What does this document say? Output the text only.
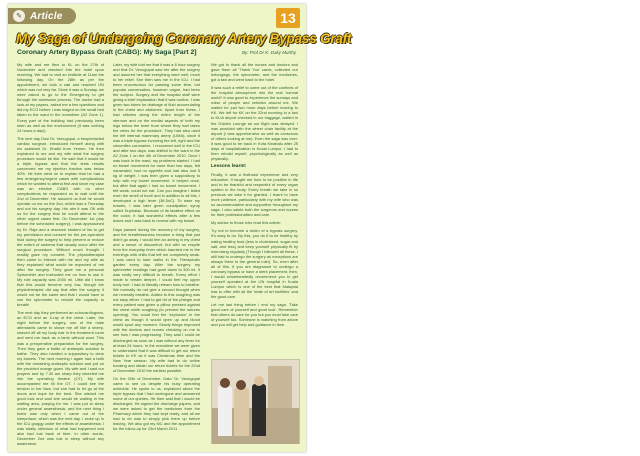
✎ Article	13
My Saga of Undergoing Coronary Artery Bypass Graft
Coronary Artery Bypass Graft (CABG): My Saga [Part 2]	By: Prof Dr K. Daky Murthy

My wife and me flew to KL on the 27th of November and checked into the hotel upon reaching. We had to visit an Institute at 11am the following day. On the 28th as per the appointment, we took a cab and reached IJN which was not very far. Since it was a Sunday, we were asked to go to the Emergency to get through the admission process. The doctor had a look at my papers, asked me a few questions and did my ECG before I was lodged on the small bed taken to the ward in the meantime (A2 Zone 1). Every part of the building had previously been seen as well as the environment (it was nothing 24 hours a day!).

The next day Dosi Dr. Venugopal, a bespectacled cardiac surgeon, introduced himself along with his assistant Dr. Khalid from Yemen. He then explained to me and my wife what the surgery procedure would be like. He said that it would be a triple bypass and that the tests results concerned me my ejection fraction was below 40%. He then went on to explain that he had a few emergency/urgent cases with complications which he wanted to attend first and since my case was an elective CABG with no other complications he requested us to wait until the 2nd of December. He assured us that he would operate on me on the 2nd, which was a Thursday and not his surgery day. His aim it was OK with us for the surgery that he could attend to the other urgent cases first. On December 1st (day before the scheduled surgery), I was approached by Dr. Raja and a research student of his to get my permission and consent for the pre-operative fluid during the surgery to help prevent or reduce the extent of oedema that usually occur after the surgical procedure. Without much thought I readily gave my consent. The physiotherapist then came to interact with me and my wife as they explained what would be expected of me after the surgery. They gave me a personal Spirometer and instructed me on how to use it. My role capacity was 2000 ml. Little did I know that this would become very low, though the physiotherapist did say that after the surgery it would not be the same and that I would have to use the spirometer to rebuild the capacity to breath!

The next day they performed an echocardiogram, an ECG and an X-ray of the chest. Later, the night before the surgery, one of the male attendants came to shave me off like a sheep, shaved off all my body hair in the treatment room and sent me back as a lamb without wool. This was a preoperative preparation for the surgery. Then they gave a bottle of antiseptic solution to bathe. They also handed a suppository to clear my bowels. The next morning I again had a bath with the remaining antiseptic solution and put on the provided orange gown. My wife and I said our prayers and by 7.30 am sharp they wheeled me into the operating theatre (OT). My wife accompanied me till the OT. I could see the tension in her face, but she had to let go at the doors and hope for the best. She wished me good luck and said she would be waiting in the waiting area, praying for me. I was put to sleep under general anaesthesia, and the next thing I knew was only when I came out of the sleep/daze, which was the next day. I woke up in the ICU groggy under the effects of anaesthesia. I was totally oblivious of what had happened and also had lost track of time. In other words, December 2nd was lost in sleep without any awareness.

Later, my wife told me that it was a 6 hour surgery and that Dr. Venugopal saw her after the surgery and assured her that everything went well, much to her relief. She then saw me in the ICU. I had been unconscious for passing some time, but popular conversation, however vague, had been the subject. Surgery and the hospital staff were giving a brief explanation that it was routine. I was given two tubes for drainage of fluid accumulating in the chest and abdomen. Apart from these, I had stitches along the entire length of the sternum and on the medial aspects of both my legs below the knee from where they had taken the veins for the procedure. They had also used the left internal mammary artery (LIMA), since it was a triple bypass involving the left, right and the circumflex coronaries. I recovered well in the ICU and after two days, was shifted to the ward in the A2 Zone 1 on the 4th of December 2010. Once I was back in the ward, my problems started. I had no bowel movement for more than two days, felt nauseated, had no appetite and had also lost 5 kg of weight. I was then given a suppository to help with my bowel movement. It helped once, but after that again I had no bowel movement. I felt weak, could not eat. Can you imagine I failed even the smell of food! and in addition to all this, I developed a high fever (38.5oC). To ease my bowels, I was later given constipation syrup called Duphalac. Because of its laxative effect on the colon, it had wonderful effects after a few doses and I was back to normal with my bowel.

Days passed during the recovery of my surgery, and the breathlessness became a thing that just didn't go away. I would feel an aching in my chest and a sense of discomfort, but with no respite from the everyday fever which haunted me in the evenings with chills that left me completely weak. I was used to take walks in the Therapeutic garden every day. After the surgery my spirometer readings had gone down to 300 ml. It was really very difficult to breath. Every effort I made to breath deeper, I could feel my upper body hurt. I had to literally relearn how to breathe. We normally do not give a second thought when we normally breathe. Added to this coughing was not easy either. I had to get rid of the phlegm and every patient was given a pillow pressed against the chest while coughing (to prevent the sutures opening). You could feel the 'explosion' in the chest as though it would open up and blood would spurt any moment. Slowly things improved with the doctors and nurses checking on me to see how I was progressing. They said I could be discharged as soon as I was without any fever for at least 24 hours. In the meantime we were given to understand that it was difficult to get our return tickets to KK as it was Christmas time and the New Year season. My wife had to do online booking and obtain our return tickets for the 22nd of December 2010 the earliest possible.

On the 20th of December, Dato' Dr. Venugopal came to see us despite his busy operating schedule. He spoke to us, explained about the triple bypass that I had undergone and answered some of our queries. He then said that I would be discharged. He signed the discharge papers, and we were asked to get the medicines from the Pharmacy which they had kept ready, and all we had to do was to simply pick them up before leaving. We also got my MC and the appointment for the follow-up for 23rd March 2011.

We got to thank all the nurses and doctors and gave them all 'Thank You' cards, collected our belongings, the spirometer, and the medicines, got a taxi and went back to the hotel.

It was such a relief to come out of the confines of the hospital atmosphere into the real 'normal world'! It was good to experience the sunrays and noise of people and vehicles around me. We waited for just two more days before leaving to KK. We left for KK on the 22nd morning in a taxi to KLIA airport checked in our baggage, waited in the Golden Lounge as our flight was delayed. I was provided with the wheel chair facility at the airport (I was apprehensive as well as conscious of others looking at me). Even the saga was over; it was good to be back in Kota Kinabalu after 25 days of hospitalization in Kuala Lumpur. I had to then rebuild myself, psychologically as well as physically.

Lessons learnt:

Finally, it was a firsthand experience and very educative. It taught me how to be positive in life and to be thankful and respectful of every organ system in the body. Every breath we take is so precious we take it for granted. I learnt to have more patience, particularly with my wife who was so accommodative and supportive throughout my saga. I also salute both the surgeons and nurses for their professionalism and care.

My advice to those who read this article:

Try not to become a victim of a bypass surgery. It's easy to do. By this, you do it to be healthy by eating healthy food (less in cholesterol, sugar and salt, and less) and keep yourself physically fit by exercising regularly (Though I followed all these, I still had to undergo the surgery as exceptions are always there to the general rule!). So, even after all of this, if you are diagnosed to undergo a coronary bypass or have a stent placement, then, I would wholeheartedly recommend you to get yourself operated at the IJN hospital in Kuala Lumpur which is one of the best that Malaysia has to offer with all the 'state of art facilities' and the good care.

Let me last thing before I end my saga. 'Take good care of yourself and good luck'. Remember that others do care for you but you must take care of yourself too. Someone is watching from above and you will get help and guidance in time.
